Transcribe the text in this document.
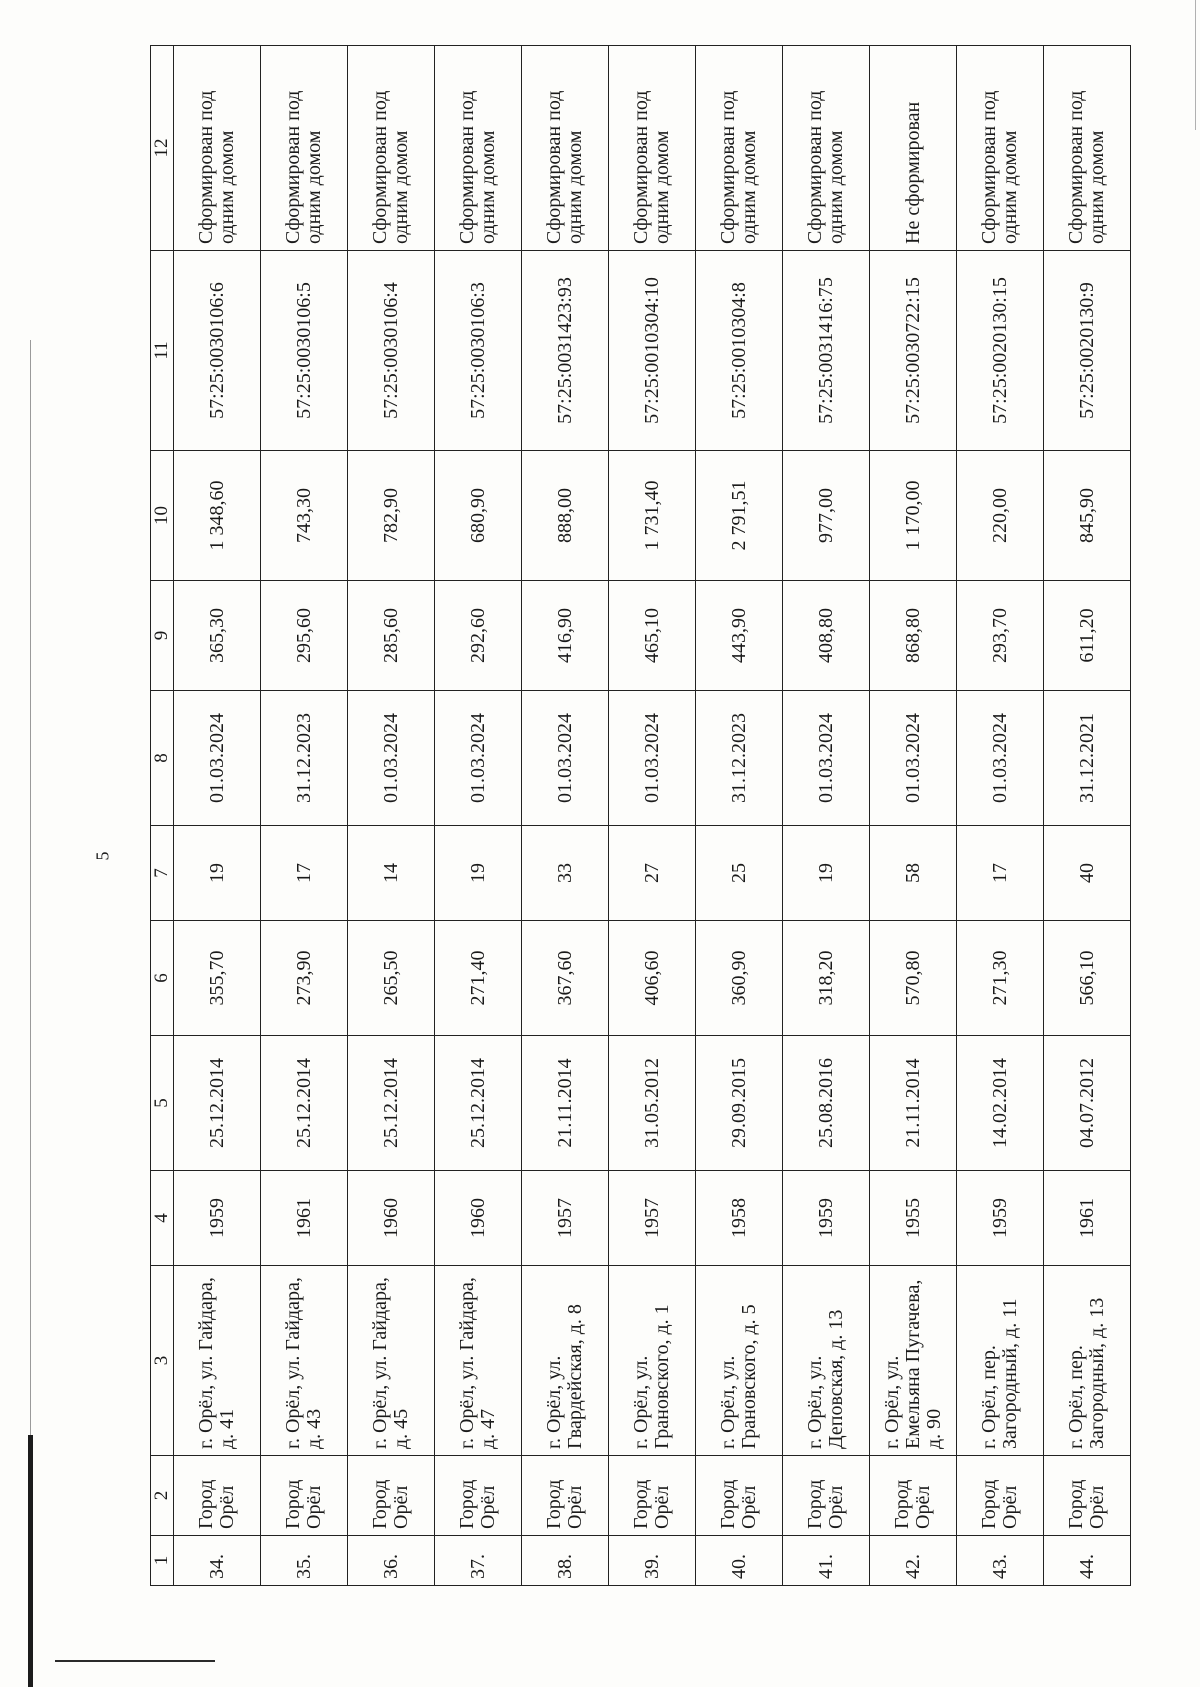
5
1	2	3	4	5	6	7	8	9	10	11	12
34.	Город Орёл	г. Орёл, ул. Гайдара, д. 41	1959	25.12.2014	355,70	19	01.03.2024	365,30	1 348,60	57:25:0030106:6	Сформирован под одним домом
35.	Город Орёл	г. Орёл, ул. Гайдара, д. 43	1961	25.12.2014	273,90	17	31.12.2023	295,60	743,30	57:25:0030106:5	Сформирован под одним домом
36.	Город Орёл	г. Орёл, ул. Гайдара, д. 45	1960	25.12.2014	265,50	14	01.03.2024	285,60	782,90	57:25:0030106:4	Сформирован под одним домом
37.	Город Орёл	г. Орёл, ул. Гайдара, д. 47	1960	25.12.2014	271,40	19	01.03.2024	292,60	680,90	57:25:0030106:3	Сформирован под одним домом
38.	Город Орёл	г. Орёл, ул. Гвардейская, д. 8	1957	21.11.2014	367,60	33	01.03.2024	416,90	888,00	57:25:0031423:93	Сформирован под одним домом
39.	Город Орёл	г. Орёл, ул. Грановского, д. 1	1957	31.05.2012	406,60	27	01.03.2024	465,10	1 731,40	57:25:0010304:10	Сформирован под одним домом
40.	Город Орёл	г. Орёл, ул. Грановского, д. 5	1958	29.09.2015	360,90	25	31.12.2023	443,90	2 791,51	57:25:0010304:8	Сформирован под одним домом
41.	Город Орёл	г. Орёл, ул. Деповская, д. 13	1959	25.08.2016	318,20	19	01.03.2024	408,80	977,00	57:25:0031416:75	Сформирован под одним домом
42.	Город Орёл	г. Орёл, ул. Емельяна Пугачева, д. 90	1955	21.11.2014	570,80	58	01.03.2024	868,80	1 170,00	57:25:0030722:15	Не сформирован
43.	Город Орёл	г. Орёл, пер. Загородный, д. 11	1959	14.02.2014	271,30	17	01.03.2024	293,70	220,00	57:25:0020130:15	Сформирован под одним домом
44.	Город Орёл	г. Орёл, пер. Загородный, д. 13	1961	04.07.2012	566,10	40	31.12.2021	611,20	845,90	57:25:0020130:9	Сформирован под одним домом
